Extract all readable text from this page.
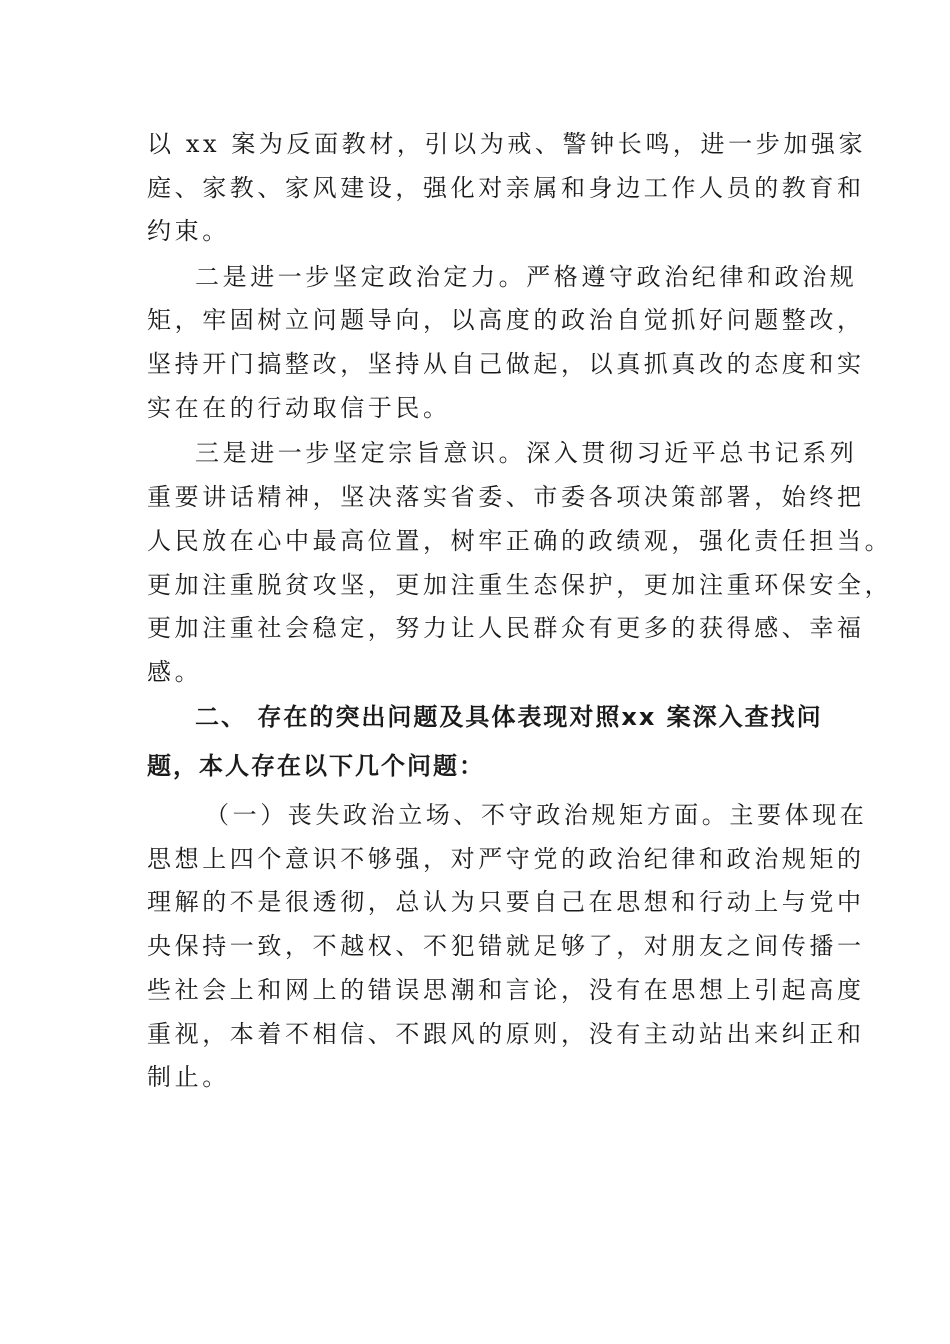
以 xx 案为反面教材，引以为戒、警钟长鸣，进一步加强家
庭、家教、家风建设，强化对亲属和身边工作人员的教育和
约束。
二是进一步坚定政治定力。严格遵守政治纪律和政治规
矩，牢固树立问题导向，以高度的政治自觉抓好问题整改，
坚持开门搞整改，坚持从自己做起，以真抓真改的态度和实
实在在的行动取信于民。
三是进一步坚定宗旨意识。深入贯彻习近平总书记系列
重要讲话精神，坚决落实省委、市委各项决策部署，始终把
人民放在心中最高位置，树牢正确的政绩观，强化责任担当。
更加注重脱贫攻坚，更加注重生态保护，更加注重环保安全，
更加注重社会稳定，努力让人民群众有更多的获得感、幸福
感。
二、 存在的突出问题及具体表现对照xx 案深入查找问
题，本人存在以下几个问题：
（一）丧失政治立场、不守政治规矩方面。主要体现在
思想上四个意识不够强，对严守党的政治纪律和政治规矩的
理解的不是很透彻，总认为只要自己在思想和行动上与党中
央保持一致，不越权、不犯错就足够了，对朋友之间传播一
些社会上和网上的错误思潮和言论，没有在思想上引起高度
重视，本着不相信、不跟风的原则，没有主动站出来纠正和
制止。
